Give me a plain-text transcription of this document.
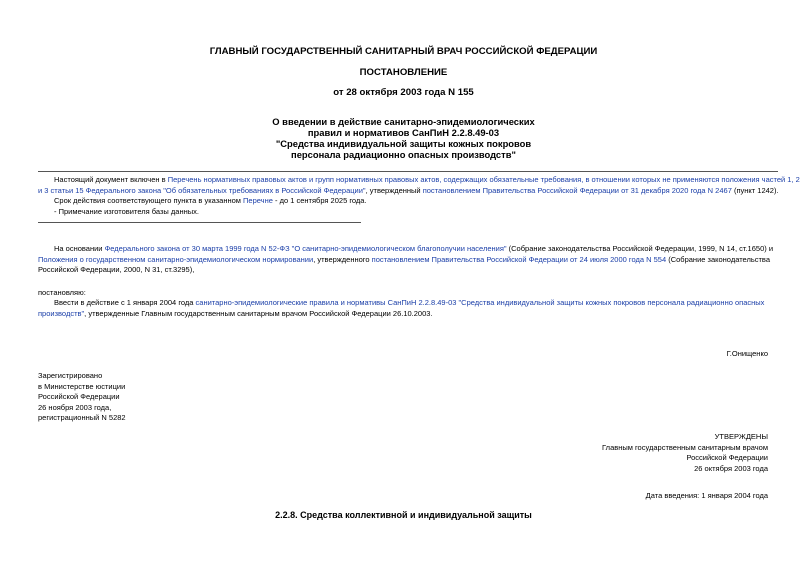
ГЛАВНЫЙ ГОСУДАРСТВЕННЫЙ САНИТАРНЫЙ ВРАЧ РОССИЙСКОЙ ФЕДЕРАЦИИ
ПОСТАНОВЛЕНИЕ
от 28 октября 2003 года N 155
О введении в действие санитарно-эпидемиологических
правил и нормативов СанПиН 2.2.8.49-03
"Средства индивидуальной защиты кожных покровов
персонала радиационно опасных производств"
Настоящий документ включен в Перечень нормативных правовых актов и групп нормативных правовых актов, содержащих обязательные требования, в отношении которых не применяются положения частей 1, 2
и 3 статьи 15 Федерального закона "Об обязательных требованиях в Российской Федерации", утвержденный постановлением Правительства Российской Федерации от 31 декабря 2020 года N 2467 (пункт 1242).
Срок действия соответствующего пункта в указанном Перечне - до 1 сентября 2025 года.
- Примечание изготовителя базы данных.
На основании Федерального закона от 30 марта 1999 года N 52-ФЗ "О санитарно-эпидемиологическом благополучии населения" (Собрание законодательства Российской Федерации, 1999, N 14, ст.1650) и
Положения о государственном санитарно-эпидемиологическом нормировании, утвержденного постановлением Правительства Российской Федерации от 24 июля 2000 года N 554 (Собрание законодательства
Российской Федерации, 2000, N 31, ст.3295),
постановляю:
Ввести в действие с 1 января 2004 года санитарно-эпидемиологические правила и нормативы СанПиН 2.2.8.49-03 "Средства индивидуальной защиты кожных покровов персонала радиационно опасных
производств", утвержденные Главным государственным санитарным врачом Российской Федерации 26.10.2003.
Г.Онищенко
Зарегистрировано
в Министерстве юстиции
Российской Федерации
26 ноября 2003 года,
регистрационный N 5282
УТВЕРЖДЕНЫ
Главным государственным санитарным врачом
Российской Федерации
26 октября 2003 года
Дата введения: 1 января 2004 года
2.2.8. Средства коллективной и индивидуальной защиты
